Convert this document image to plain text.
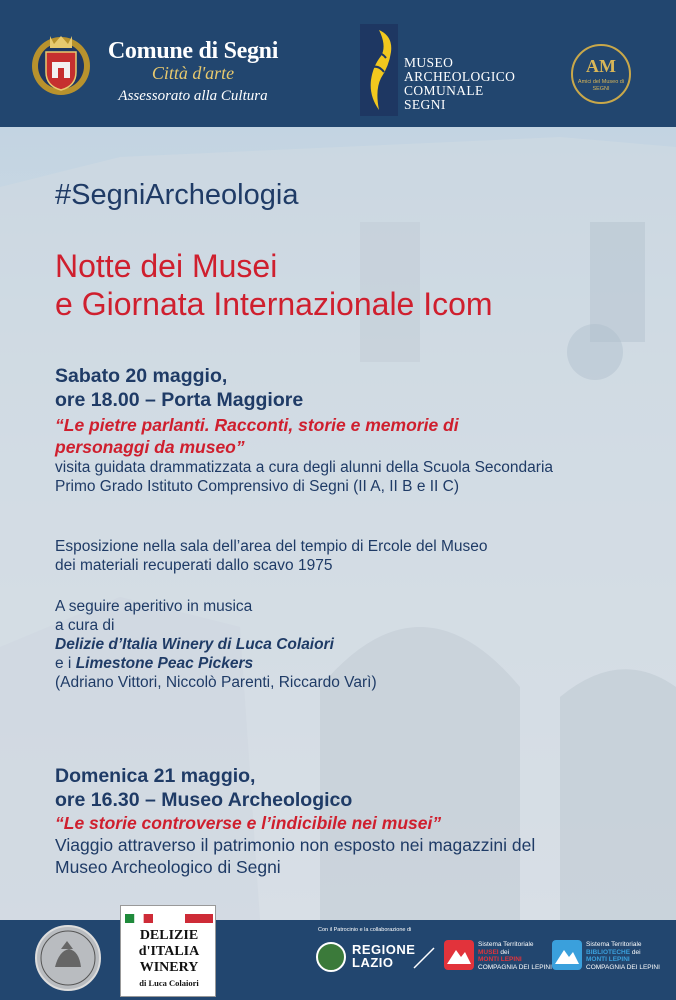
Comune di Segni
Città d'arte
Assessorato alla Cultura
MUSEO
ARCHEOLOGICO
COMUNALE
SEGNI
AM
Amici del Museo di SEGNI
#SegniArcheologia
Notte dei Musei
e Giornata Internazionale Icom
Sabato 20 maggio,
ore 18.00 – Porta Maggiore
“Le pietre parlanti. Racconti, storie e memorie di
personaggi da museo”
visita guidata drammatizzata a cura degli alunni della Scuola Secondaria
Primo Grado Istituto Comprensivo di Segni (II A, II B e II C)
Esposizione nella sala dell’area del tempio di Ercole del Museo
dei materiali recuperati dallo scavo 1975
A seguire aperitivo in musica
a cura di
Delizie d’Italia Winery di Luca Colaiori
e i Limestone Peac Pickers
(Adriano Vittori, Niccolò Parenti, Riccardo Varì)
Domenica 21 maggio,
ore 16.30 – Museo Archeologico
“Le storie controverse e l’indicibile nei musei”
Viaggio attraverso il patrimonio non esposto nei magazzini del
Museo Archeologico di Segni
DELIZIE
d'ITALIA
WINERY
di Luca Colaiori
Con il Patrocinio e la collaborazione di
REGIONE
LAZIO
Sistema Territoriale
MUSEI dei
MONTI LEPINI
COMPAGNIA DEI LEPINI
Sistema Territoriale
BIBLIOTECHE dei
MONTI LEPINI
COMPAGNIA DEI LEPINI
